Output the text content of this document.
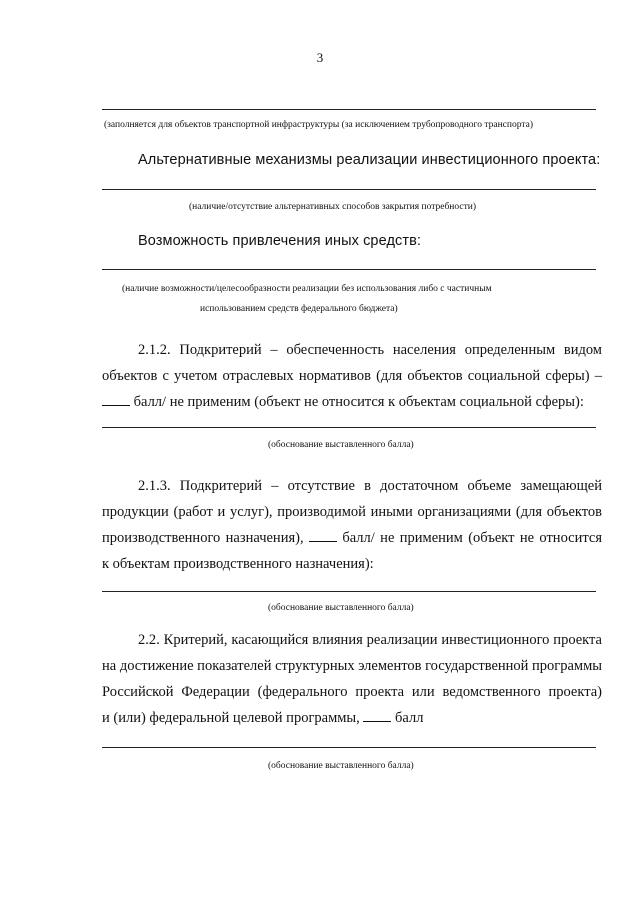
3
(заполняется для объектов транспортной инфраструктуры (за исключением трубопроводного транспорта)
Альтернативные механизмы реализации инвестиционного проекта:
(наличие/отсутствие альтернативных способов закрытия потребности)
Возможность привлечения иных средств:
(наличие возможности/целесообразности реализации без использования либо с частичным
использованием средств федерального бюджета)
2.1.2. Подкритерий – обеспеченность населения определенным видом
объектов с учетом отраслевых нормативов (для объектов социальной сферы) –
балл/ не применим (объект не относится к объектам социальной сферы):
(обоснование выставленного балла)
2.1.3. Подкритерий – отсутствие в достаточном объеме замещающей
продукции (работ и услуг), производимой иными организациями (для объектов
производственного назначения),	балл/ не применим (объект не относится
к объектам производственного назначения):
(обоснование выставленного балла)
2.2. Критерий, касающийся влияния реализации инвестиционного проекта
на достижение показателей структурных элементов государственной программы
Российской Федерации (федерального проекта или ведомственного проекта)
и (или) федеральной целевой программы, балл
(обоснование выставленного балла)
